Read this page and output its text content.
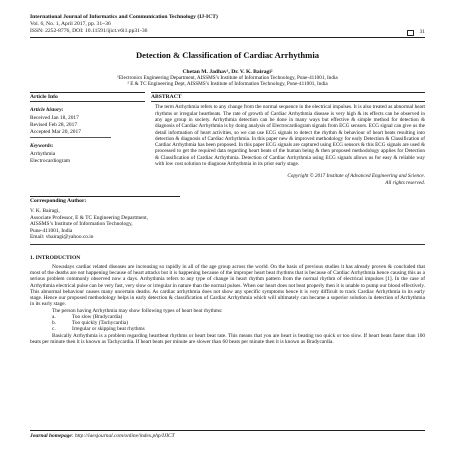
International Journal of Informatics and Communication Technology (IJ-ICT)
Vol. 6, No. 1, April 2017, pp. 31~36
ISSN: 2252-8776, DOI: 10.11591/ijict.v6i1.pp31-36	31
Detection & Classification of Cardiac Arrhythmia
Chetan M. Jadhav¹, Dr. V. K. Bairagi²
¹Electronics Engineering Department, AISSMS’s Institute of Information Technology, Pune-411001, India
² E & TC Engineering Dept, AISSMS’s Institute of Information Technology, Pune-411001, India
Article Info
Article history:
Received Jan 18, 2017
Revised Feb 28, 2017
Accepted Mar 20, 2017
Keywords:
Arrhythmia
Electrocardiogram
ABSTRACT
The term Arrhythmia refers to any change from the normal sequence in the electrical impulses. It is also treated as abnormal heart rhythms or irregular heartbeats. The rate of growth of Cardiac Arrhythmia disease is very high & its effects can be observed in any age group in society. Arrhythmia detection can be done in many ways but effective & simple method for detection & diagnosis of Cardiac Arrhythmia is by doing analysis of Electrocardiogram signals from ECG sensors. ECG signal can give us the detail information of heart activities, so we can use ECG signals to detect the rhythm & behaviour of heart beats resulting into detection & diagnosis of Cardiac Arrhythmia. In this paper new & improved methodology for early Detection & Classification of Cardiac Arrhythmia has been proposed. In this paper ECG signals are captured using ECG sensors & this ECG signals are used & processed to get the required data regarding heart beats of the human being & then proposed methodology applies for Detection & Classification of Cardiac Arrhythmia. Detection of Cardiac Arrhythmia using ECG signals allows us for easy & reliable way with low cost solution to diagnose Arrhythmia in its prior early stage.
Copyright © 2017 Institute of Advanced Engineering and Science.
All rights reserved.
Corresponding Author:
V. K. Bairagi,
Associate Professor, E & TC Engineering Department,
AISSMS’s Institute of Information Technology,
Pune-411001, India
Email: vbairagi@yahoo.co.in
1. INTRODUCTION
Nowadays cardiac related diseases are increasing so rapidly in all of the age group across the world. On the basis of previous studies it has already proven & concluded that most of the deaths are not happening because of heart attacks but it is happening because of the improper heart beat rhythms that is because of Cardiac Arrhythmia hence causing this as a serious problem commonly observed now a days. Arrhythmia refers to any type of change in heart rhythm pattern from the normal rhythm of electrical impulses [1]. In the case of Arrhythmia electrical pulse can be very fast, very slow or irregular in nature than the normal pulses. When our heart does not beat properly then it is unable to pump our blood effectively. This abnormal behaviour causes many uncertain deaths. As cardiac arrhythmia does not show any specific symptoms hence it is very difficult to track Cardiac Arrhythmia in its early stage. Hence our proposed methodology helps in early detection & classification of Cardiac Arrhythmia which will ultimately can became a superior solution in detection of Arrhythmia in its early stage.
The person having Arrhythmia may show following types of heart beat rhythms:
a.	Too slow (Bradycardia)
b.	Too quickly (Tachycardia)
c.	Irregular or skipping beat rhythms
Basically Arrhythmia is a problem regarding heartbeat rhythms or heart beat rate. This means that you are heart is beating too quick or too slow. If heart beats faster than 100 beats per minute then it is known as Tachycardia. If heart beats per minute are slower than 60 beats per minute then it is known as Bradycardia.
Journal homepage: http://iaesjournal.com/online/index.php/IJICT
